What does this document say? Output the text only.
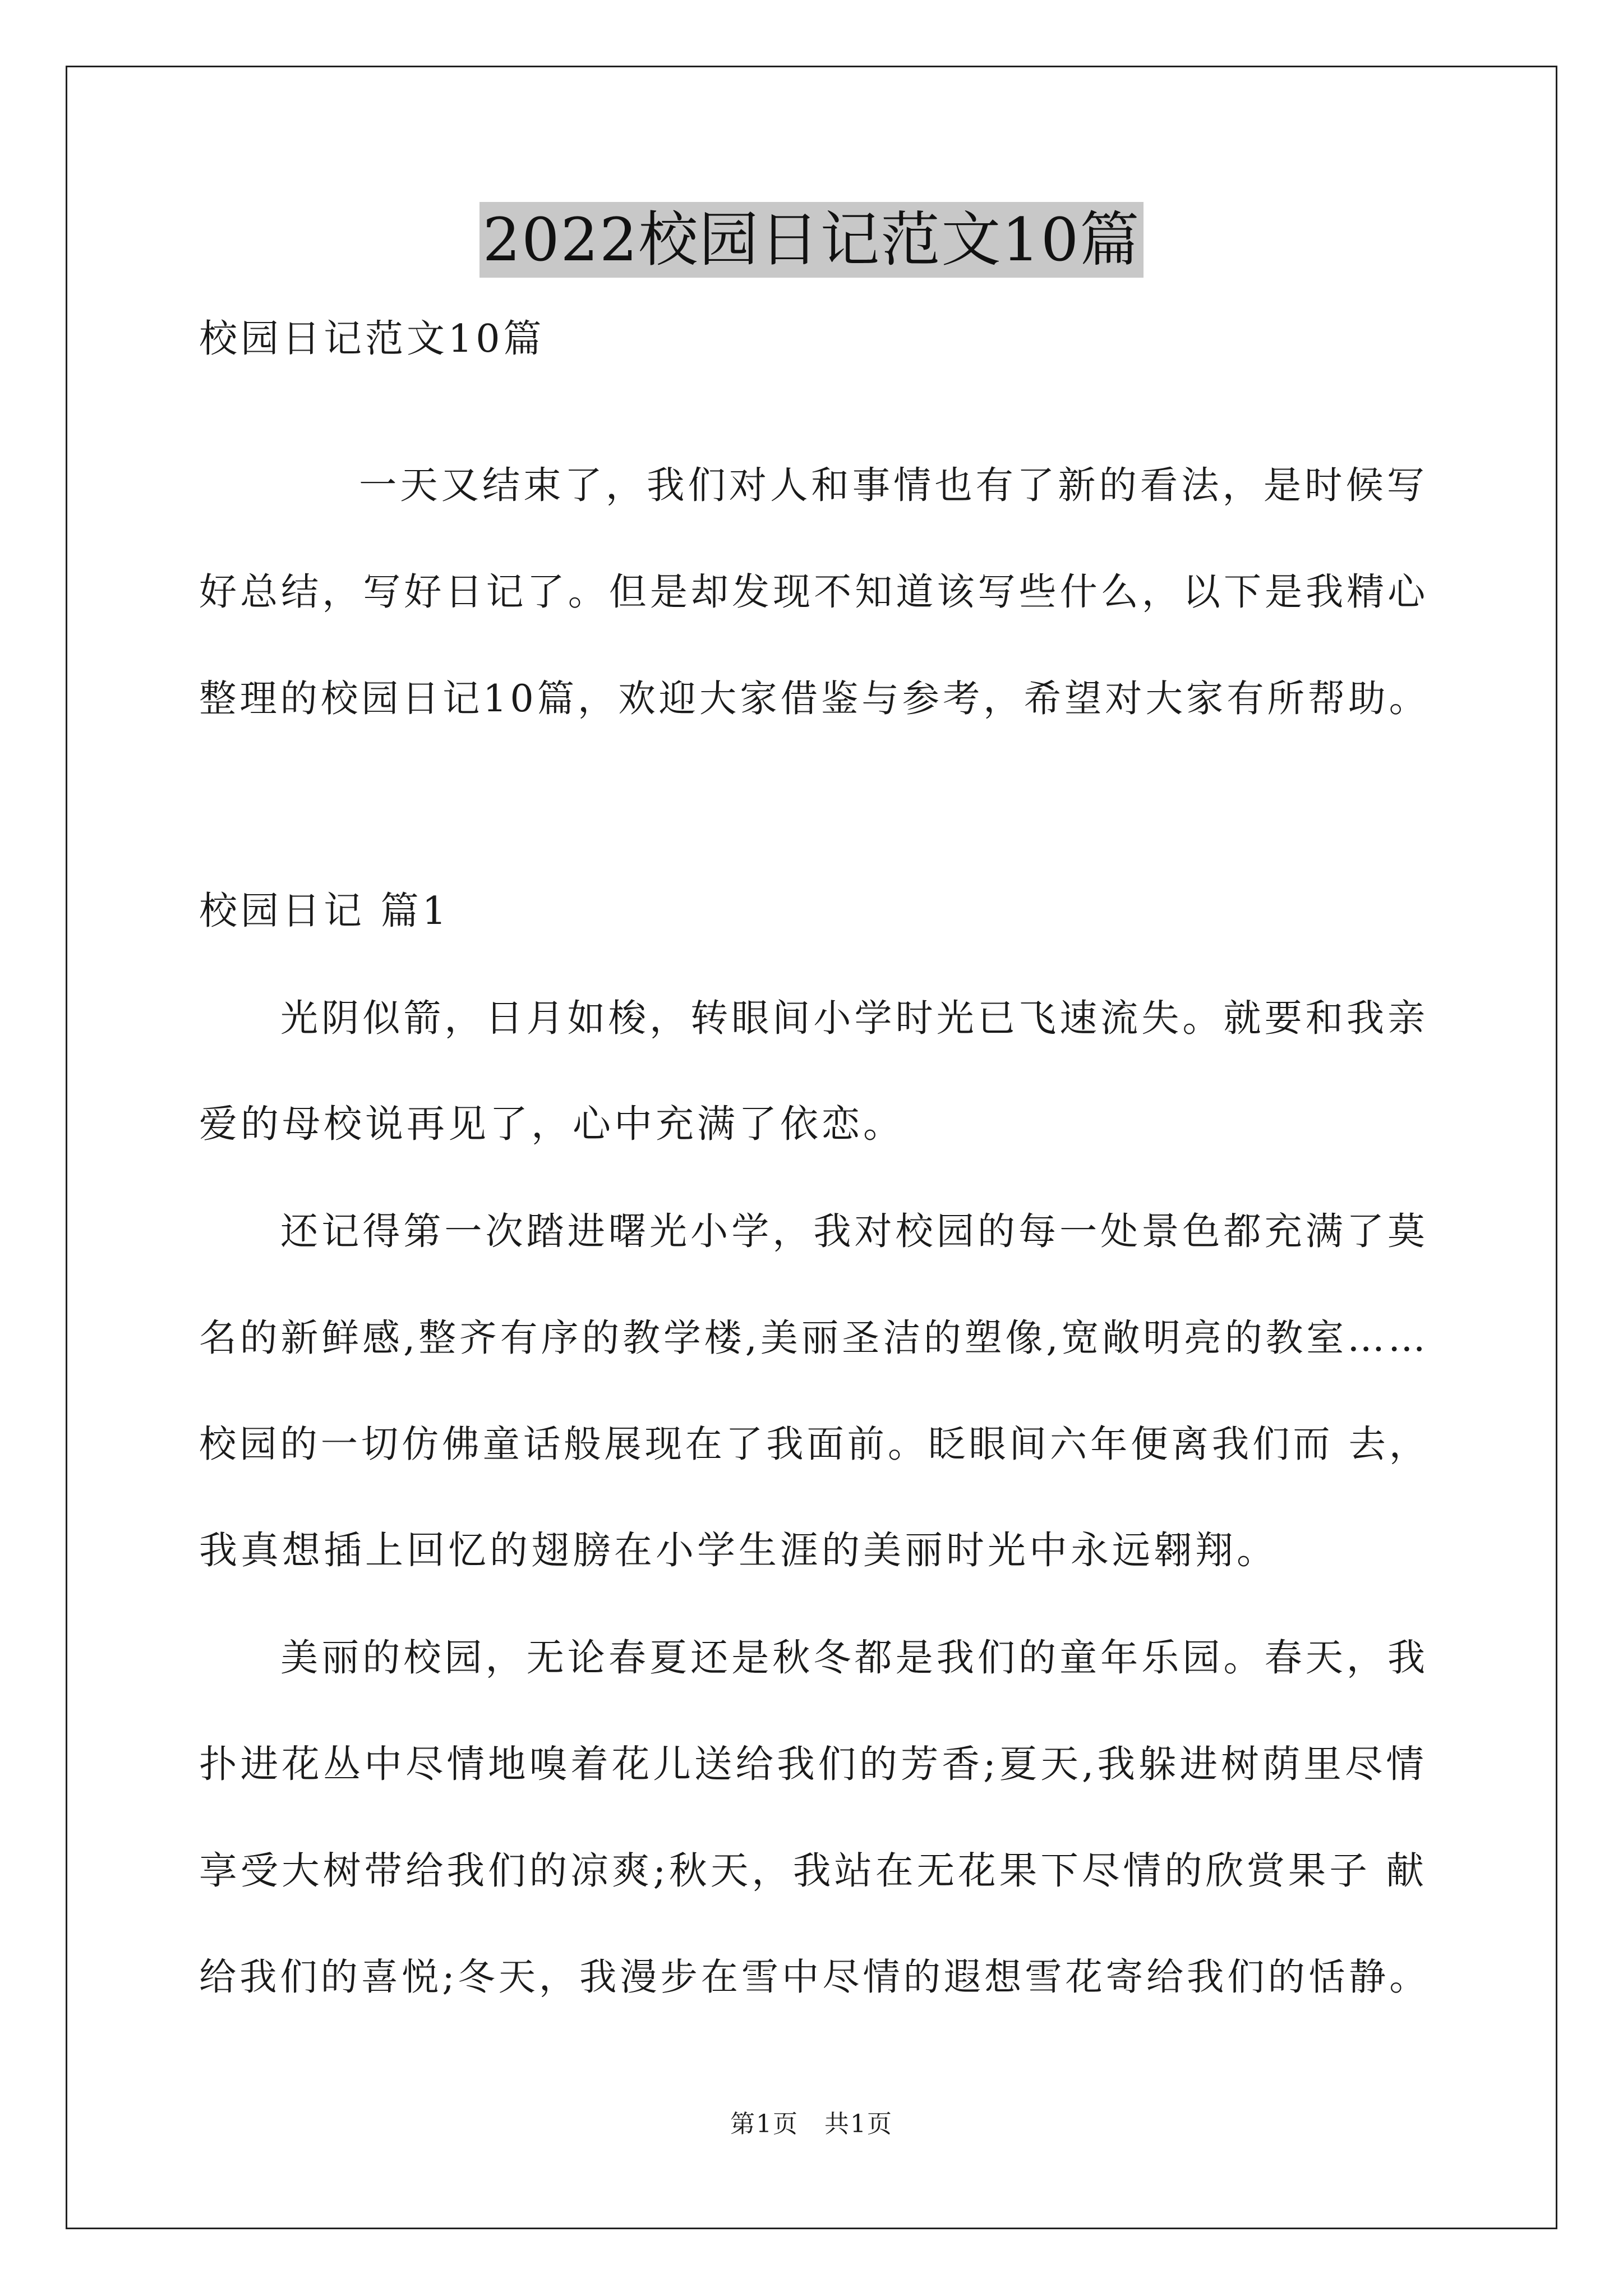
2022校园日记范文10篇
校园日记范文10篇
一天又结束了，我们对人和事情也有了新的看法，是时候写
好总结，写好日记了。但是却发现不知道该写些什么，以下是我精心
整理的校园日记10篇，欢迎大家借鉴与参考，希望对大家有所帮助。
校园日记 篇1
光阴似箭，日月如梭，转眼间小学时光已飞速流失。就要和我亲
爱的母校说再见了，心中充满了依恋。
还记得第一次踏进曙光小学，我对校园的每一处景色都充满了莫
名的新鲜感,整齐有序的教学楼,美丽圣洁的塑像,宽敞明亮的教室……
校园的一切仿佛童话般展现在了我面前。眨眼间六年便离我们而 去，
我真想插上回忆的翅膀在小学生涯的美丽时光中永远翱翔。
美丽的校园，无论春夏还是秋冬都是我们的童年乐园。春天，我
扑进花丛中尽情地嗅着花儿送给我们的芳香;夏天,我躲进树荫里尽情
享受大树带给我们的凉爽;秋天，我站在无花果下尽情的欣赏果子 献
给我们的喜悦;冬天，我漫步在雪中尽情的遐想雪花寄给我们的恬静。
第1页　共1页
